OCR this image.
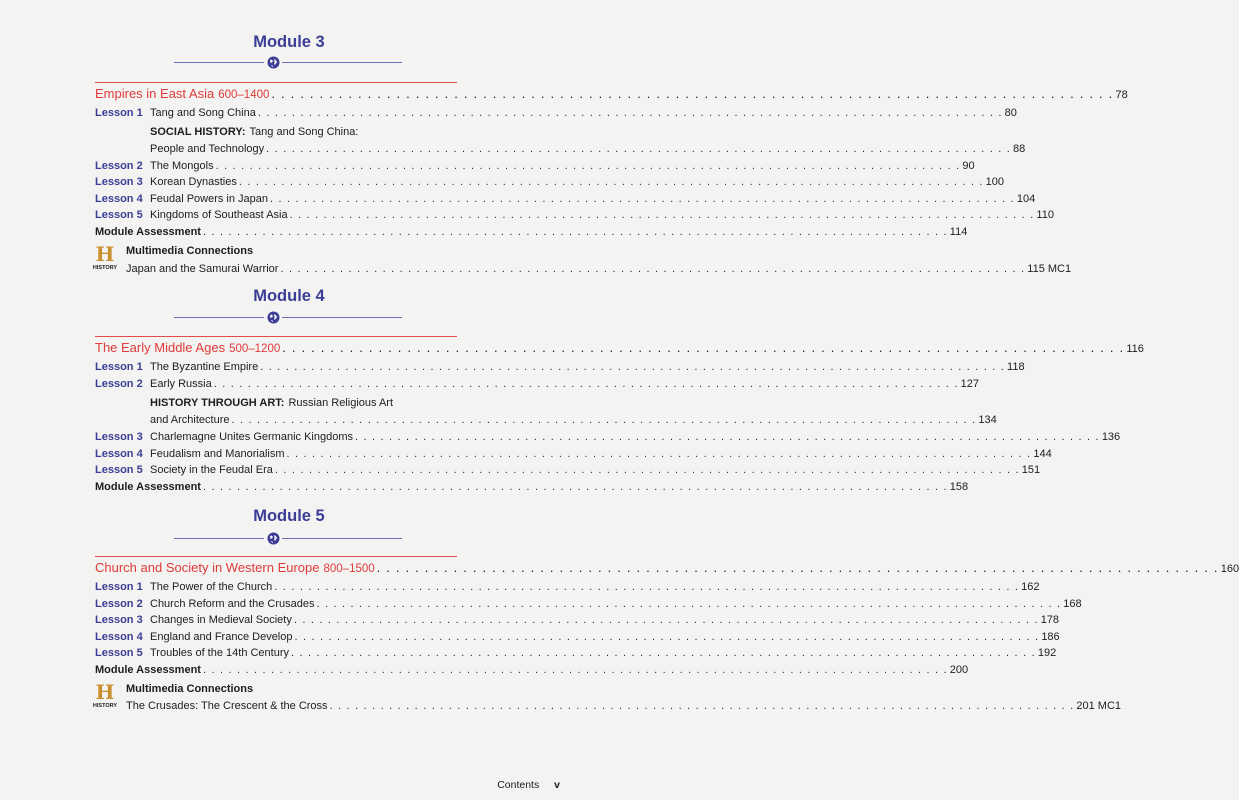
Module 3
Empires in East Asia 600–1400 . . .	78
Lesson 1 Tang and Song China . . .	80
SOCIAL HISTORY: Tang and Song China:
People and Technology . . .	88
Lesson 2 The Mongols . . .	90
Lesson 3 Korean Dynasties . . .	100
Lesson 4 Feudal Powers in Japan . . .	104
Lesson 5 Kingdoms of Southeast Asia . . .	110
Module Assessment . . .	114
H
HISTORY
Multimedia Connections
Japan and the Samurai Warrior . . .	115 MC1
Module 4
The Early Middle Ages 500–1200 . . .	116
Lesson 1 The Byzantine Empire . . .	118
Lesson 2 Early Russia . . .	127
HISTORY THROUGH ART: Russian Religious Art
and Architecture . . .	134
Lesson 3 Charlemagne Unites Germanic Kingdoms . . .	136
Lesson 4 Feudalism and Manorialism . . .	144
Lesson 5 Society in the Feudal Era . . .	151
Module Assessment . . .	158
Module 5
Church and Society in Western Europe 800–1500 . . .	160
Lesson 1 The Power of the Church . . .	162
Lesson 2 Church Reform and the Crusades . . .	168
Lesson 3 Changes in Medieval Society . . .	178
Lesson 4 England and France Develop . . .	186
Lesson 5 Troubles of the 14th Century . . .	192
Module Assessment . . .	200
H
HISTORY
Multimedia Connections
The Crusades: The Crescent & the Cross . . .	201 MC1
Contents v
